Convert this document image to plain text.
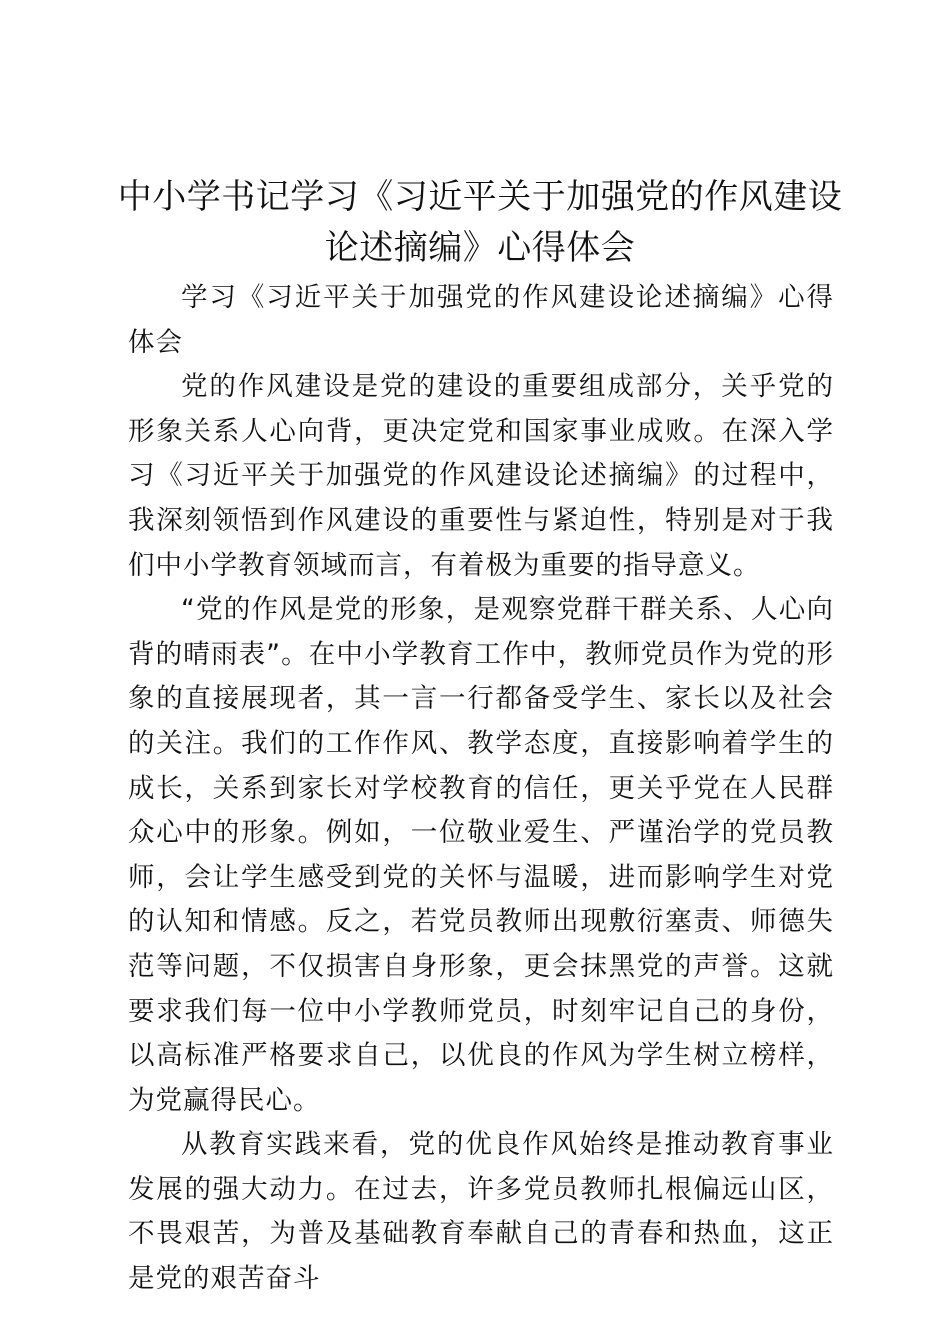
中小学书记学习《习近平关于加强党的作风建设论述摘编》心得体会

学习《习近平关于加强党的作风建设论述摘编》心得体会

党的作风建设是党的建设的重要组成部分，关乎党的形象关系人心向背，更决定党和国家事业成败。在深入学习《习近平关于加强党的作风建设论述摘编》的过程中，我深刻领悟到作风建设的重要性与紧迫性，特别是对于我们中小学教育领域而言，有着极为重要的指导意义。

“党的作风是党的形象，是观察党群干群关系、人心向背的晴雨表”。在中小学教育工作中，教师党员作为党的形象的直接展现者，其一言一行都备受学生、家长以及社会的关注。我们的工作作风、教学态度，直接影响着学生的成长，关系到家长对学校教育的信任，更关乎党在人民群众心中的形象。例如，一位敬业爱生、严谨治学的党员教师，会让学生感受到党的关怀与温暖，进而影响学生对党的认知和情感。反之，若党员教师出现敷衍塞责、师德失范等问题，不仅损害自身形象，更会抹黑党的声誉。这就要求我们每一位中小学教师党员，时刻牢记自己的身份，以高标准严格要求自己，以优良的作风为学生树立榜样，为党赢得民心。

从教育实践来看，党的优良作风始终是推动教育事业发展的强大动力。在过去，许多党员教师扎根偏远山区，不畏艰苦，为普及基础教育奉献自己的青春和热血，这正是党的艰苦奋斗
